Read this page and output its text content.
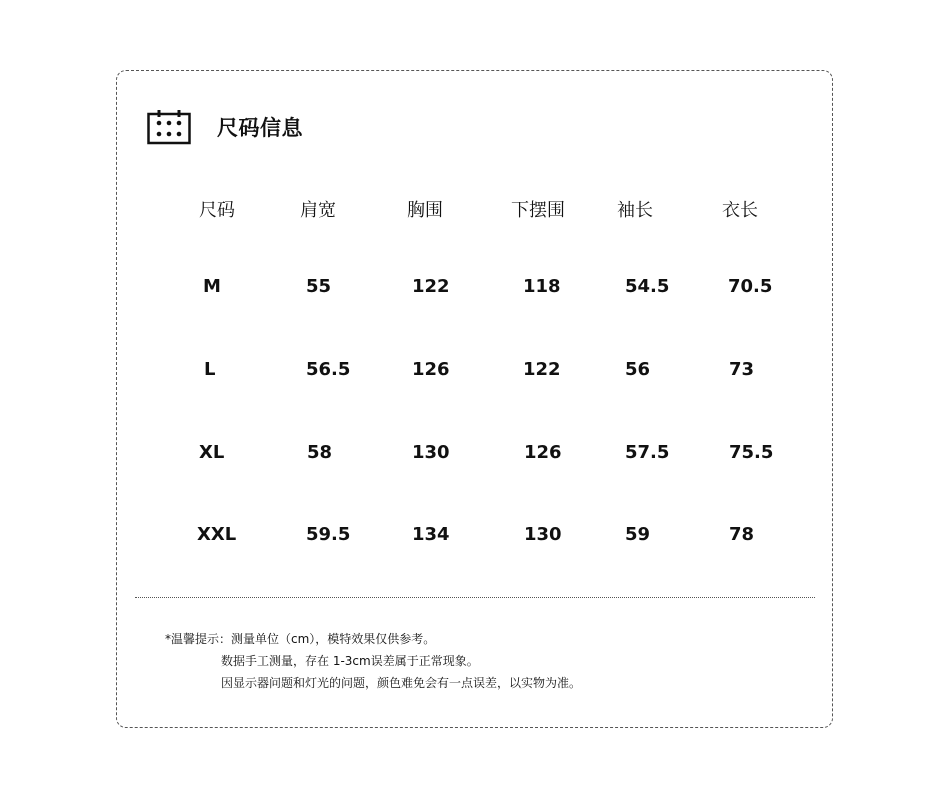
尺码信息
尺码	肩宽	胸围	下摆围	袖长	衣长
M	55	122	118	54.5	70.5
L	56.5	126	122	56	73
XL	58	130	126	57.5	75.5
XXL	59.5	134	130	59	78
*温馨提示：测量单位（cm），模特效果仅供参考。
数据手工测量，存在 1-3cm误差属于正常现象。
因显示器问题和灯光的问题，颜色难免会有一点误差，以实物为准。
